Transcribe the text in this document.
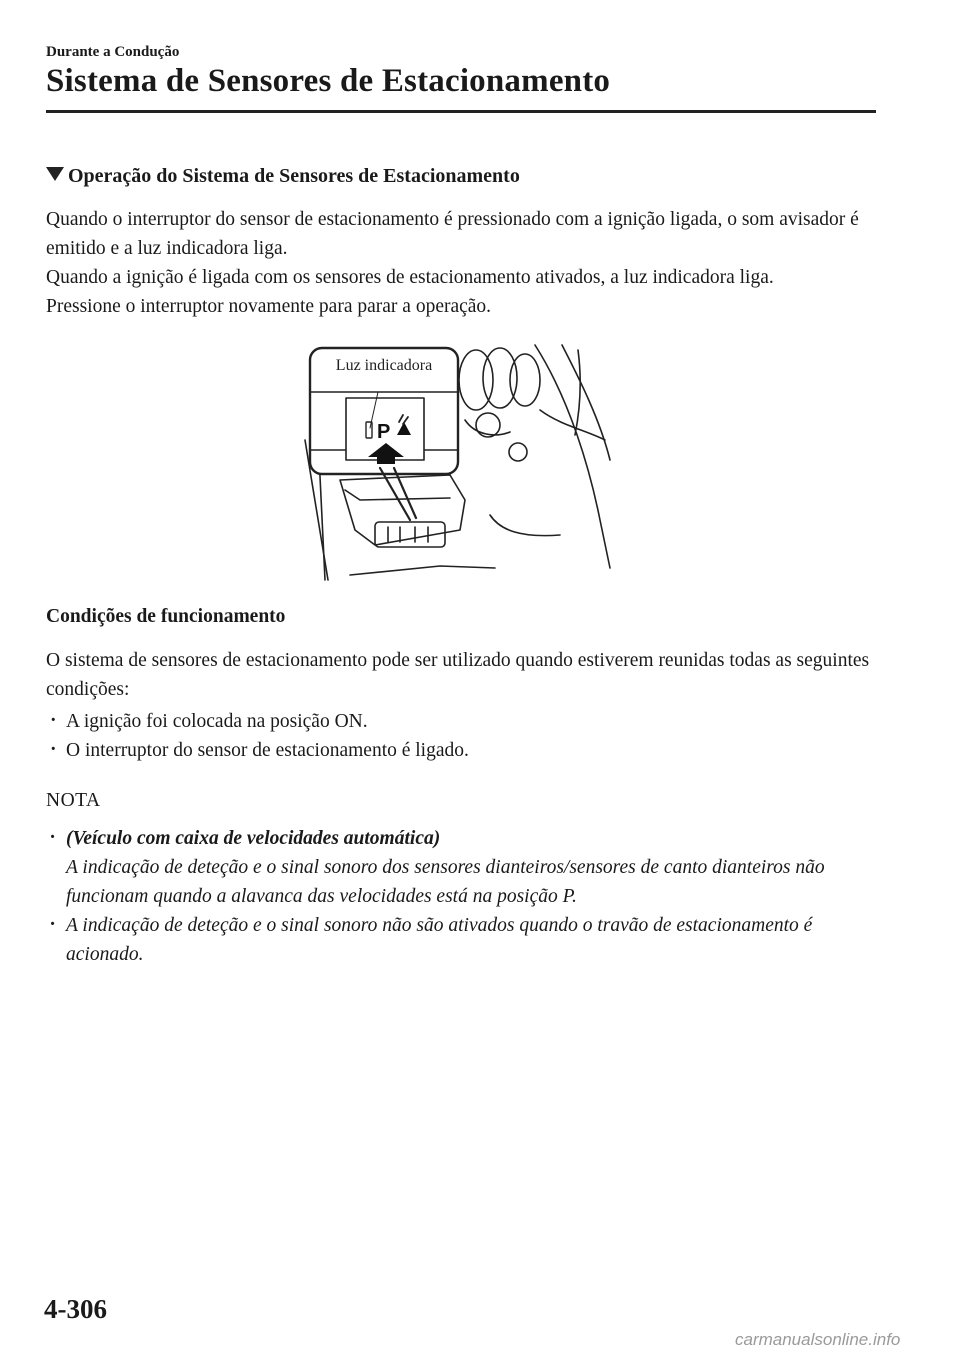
Durante a Condução
Sistema de Sensores de Estacionamento
Operação do Sistema de Sensores de Estacionamento
Quando o interruptor do sensor de estacionamento é pressionado com a ignição ligada, o som avisador é emitido e a luz indicadora liga.
Quando a ignição é ligada com os sensores de estacionamento ativados, a luz indicadora liga.
Pressione o interruptor novamente para parar a operação.
P
Luz indicadora
Condições de funcionamento
O sistema de sensores de estacionamento pode ser utilizado quando estiverem reunidas todas as seguintes condições:
· A ignição foi colocada na posição ON.
· O interruptor do sensor de estacionamento é ligado.
NOTA
· (Veículo com caixa de velocidades automática)
A indicação de deteção e o sinal sonoro dos sensores dianteiros/sensores de canto dianteiros não funcionam quando a alavanca das velocidades está na posição P.
· A indicação de deteção e o sinal sonoro não são ativados quando o travão de estacionamento é acionado.
4-306
carmanualsonline.info
